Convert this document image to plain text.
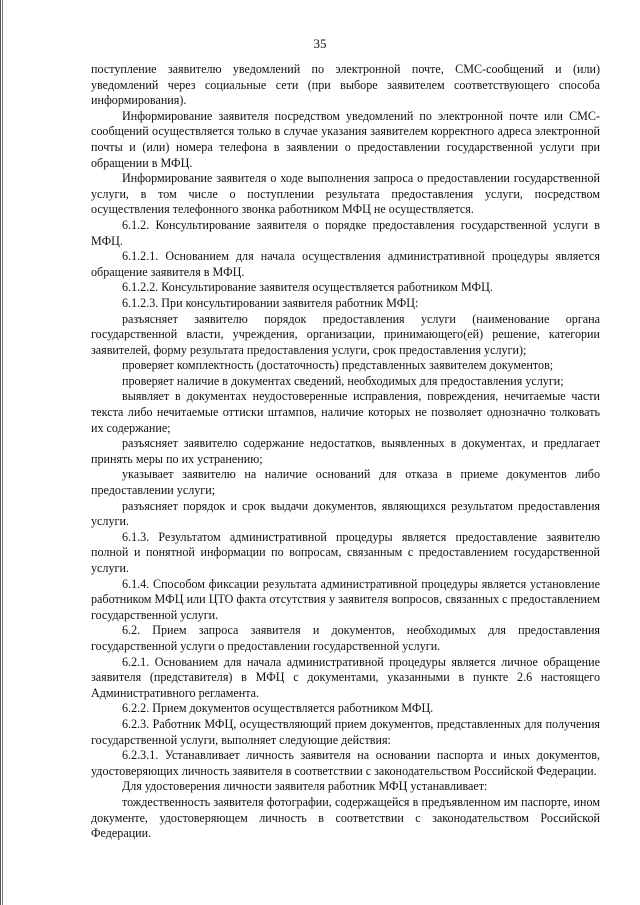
35

поступление заявителю уведомлений по электронной почте, СМС-сообщений и (или) уведомлений через социальные сети (при выборе заявителем соответствующего способа информирования).

Информирование заявителя посредством уведомлений по электронной почте или СМС-сообщений осуществляется только в случае указания заявителем корректного адреса электронной почты и (или) номера телефона в заявлении о предоставлении государственной услуги при обращении в МФЦ.

Информирование заявителя о ходе выполнения запроса о предоставлении государственной услуги, в том числе о поступлении результата предоставления услуги, посредством осуществления телефонного звонка работником МФЦ не осуществляется.

6.1.2. Консультирование заявителя о порядке предоставления государственной услуги в МФЦ.

6.1.2.1. Основанием для начала осуществления административной процедуры является обращение заявителя в МФЦ.

6.1.2.2. Консультирование заявителя осуществляется работником МФЦ.

6.1.2.3. При консультировании заявителя работник МФЦ:

разъясняет заявителю порядок предоставления услуги (наименование органа государственной власти, учреждения, организации, принимающего(ей) решение, категории заявителей, форму результата предоставления услуги, срок предоставления услуги);

проверяет комплектность (достаточность) представленных заявителем документов;

проверяет наличие в документах сведений, необходимых для предоставления услуги;

выявляет в документах неудостоверенные исправления, повреждения, нечитаемые части текста либо нечитаемые оттиски штампов, наличие которых не позволяет однозначно толковать их содержание;

разъясняет заявителю содержание недостатков, выявленных в документах, и предлагает принять меры по их устранению;

указывает заявителю на наличие оснований для отказа в приеме документов либо предоставлении услуги;

разъясняет порядок и срок выдачи документов, являющихся результатом предоставления услуги.

6.1.3. Результатом административной процедуры является предоставление заявителю полной и понятной информации по вопросам, связанным с предоставлением государственной услуги.

6.1.4. Способом фиксации результата административной процедуры является установление работником МФЦ или ЦТО факта отсутствия у заявителя вопросов, связанных с предоставлением государственной услуги.

6.2. Прием запроса заявителя и документов, необходимых для предоставления государственной услуги о предоставлении государственной услуги.

6.2.1. Основанием для начала административной процедуры является личное обращение заявителя (представителя) в МФЦ с документами, указанными в пункте 2.6 настоящего Административного регламента.

6.2.2. Прием документов осуществляется работником МФЦ.

6.2.3. Работник МФЦ, осуществляющий прием документов, представленных для получения государственной услуги, выполняет следующие действия:

6.2.3.1. Устанавливает личность заявителя на основании паспорта и иных документов, удостоверяющих личность заявителя в соответствии с законодательством Российской Федерации.

Для удостоверения личности заявителя работник МФЦ устанавливает:

тождественность заявителя фотографии, содержащейся в предъявленном им паспорте, ином документе, удостоверяющем личность в соответствии с законодательством Российской Федерации.
